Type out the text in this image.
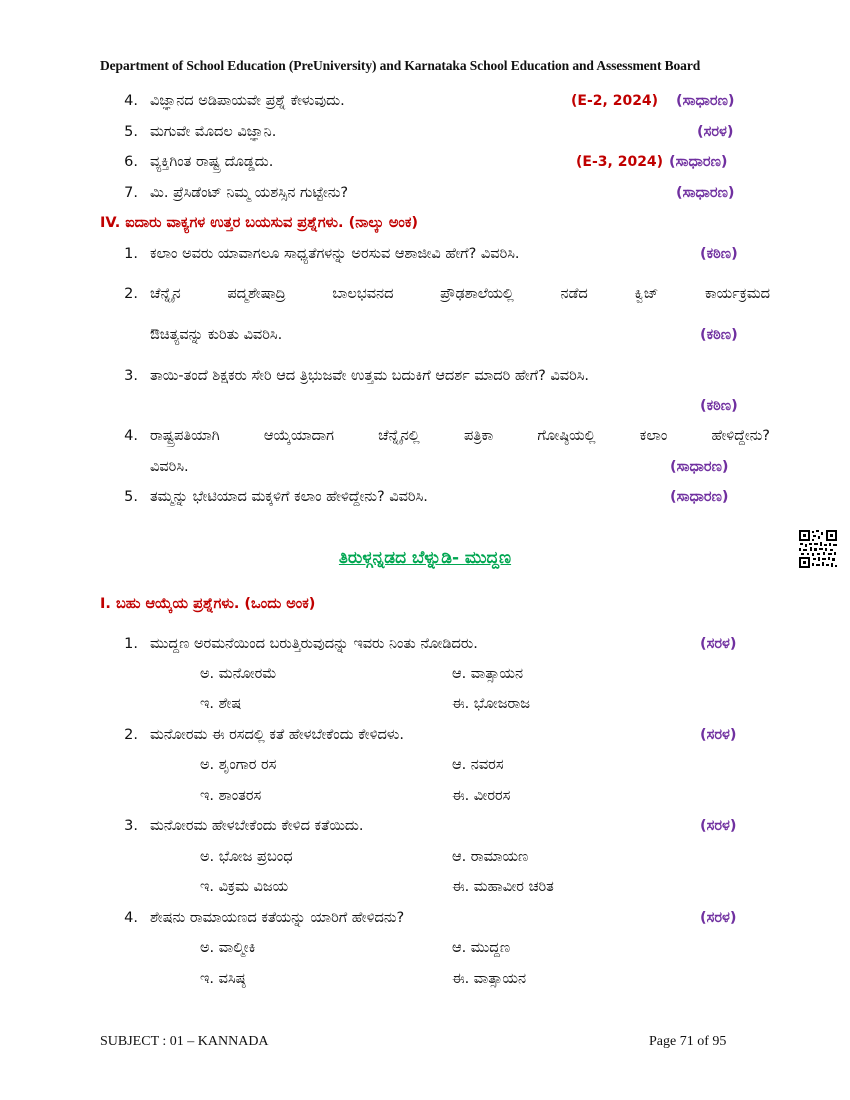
Department of School Education (PreUniversity) and Karnataka School Education and Assessment Board
4. ವಿಜ್ಞಾನದ ಅಡಿಪಾಯವೇ ಪ್ರಶ್ನೆ ಕೇಳುವುದು.	(E-2, 2024) (ಸಾಧಾರಣ)
5. ಮಗುವೇ ಮೊದಲ ವಿಜ್ಞಾನಿ.	(ಸರಳ)
6. ವ್ಯಕ್ತಿಗಿಂತ ರಾಷ್ಟ್ರ ದೊಡ್ಡದು.	(E-3, 2024) (ಸಾಧಾರಣ)
7. ಮಿ. ಪ್ರೆಸಿಡೆಂಟ್ ನಿಮ್ಮ ಯಶಸ್ಸಿನ ಗುಟ್ಟೇನು?	(ಸಾಧಾರಣ)
IV. ಐದಾರು ವಾಕ್ಯಗಳ ಉತ್ತರ ಬಯಸುವ ಪ್ರಶ್ನೆಗಳು. (ನಾಲ್ಕು ಅಂಕ)
1. ಕಲಾಂ ಅವರು ಯಾವಾಗಲೂ ಸಾಧ್ಯತೆಗಳನ್ನು ಅರಸುವ ಆಶಾಜೀವಿ ಹೇಗೆ? ವಿವರಿಸಿ.	(ಕಠಿಣ)
2. ಚೆನ್ನೈನ ಪದ್ಮಶೇಷಾದ್ರಿ ಬಾಲಭವನದ ಪ್ರೌಢಶಾಲೆಯಲ್ಲಿ ನಡೆದ ಕ್ವಿಜ್ ಕಾರ್ಯಕ್ರಮದ
ಔಚಿತ್ಯವನ್ನು ಕುರಿತು ವಿವರಿಸಿ.	(ಕಠಿಣ)
3. ತಾಯಿ-ತಂದೆ ಶಿಕ್ಷಕರು ಸೇರಿ ಆದ ತ್ರಿಭುಜವೇ ಉತ್ತಮ ಬದುಕಿಗೆ ಆದರ್ಶ ಮಾದರಿ ಹೇಗೆ? ವಿವರಿಸಿ.
(ಕಠಿಣ)
4. ರಾಷ್ಟ್ರಪತಿಯಾಗಿ ಆಯ್ಕೆಯಾದಾಗ ಚೆನ್ನೈನಲ್ಲಿ ಪತ್ರಿಕಾ ಗೋಷ್ಠಿಯಲ್ಲಿ ಕಲಾಂ ಹೇಳಿದ್ದೇನು?
ವಿವರಿಸಿ.	(ಸಾಧಾರಣ)
5. ತಮ್ಮನ್ನು ಭೇಟಿಯಾದ ಮಕ್ಕಳಿಗೆ ಕಲಾಂ ಹೇಳಿದ್ದೇನು? ವಿವರಿಸಿ.	(ಸಾಧಾರಣ)
ತಿರುಳ್ಗನ್ನಡದ ಬೆಳ್ನುಡಿ- ಮುದ್ದಣ
I. ಬಹು ಆಯ್ಕೆಯ ಪ್ರಶ್ನೆಗಳು. (ಒಂದು ಅಂಕ)
1. ಮುದ್ದಣ ಅರಮನೆಯಿಂದ ಬರುತ್ತಿರುವುದನ್ನು ಇವರು ನಿಂತು ನೋಡಿದರು.	(ಸರಳ)
ಅ. ಮನೋರಮೆ	ಆ. ವಾತ್ಸಾಯನ
ಇ. ಶೇಷ	ಈ. ಭೋಜರಾಜ
2. ಮನೋರಮ ಈ ರಸದಲ್ಲಿ ಕತೆ ಹೇಳಬೇಕೆಂದು ಕೇಳಿದಳು.	(ಸರಳ)
ಅ. ಶೃಂಗಾರ ರಸ	ಆ. ನವರಸ
ಇ. ಶಾಂತರಸ	ಈ. ವೀರರಸ
3. ಮನೋರಮ ಹೇಳಬೇಕೆಂದು ಕೇಳಿದ ಕತೆಯಿದು.	(ಸರಳ)
ಅ. ಭೋಜ ಪ್ರಬಂಧ	ಆ. ರಾಮಾಯಣ
ಇ. ವಿಕ್ರಮ ವಿಜಯ	ಈ. ಮಹಾವೀರ ಚರಿತ
4. ಶೇಷನು ರಾಮಾಯಣದ ಕತೆಯನ್ನು ಯಾರಿಗೆ ಹೇಳಿದನು?	(ಸರಳ)
ಅ. ವಾಲ್ಮೀಕಿ	ಆ. ಮುದ್ದಣ
ಇ. ವಸಿಷ್ಠ	ಈ. ವಾತ್ಸಾಯನ
SUBJECT : 01 – KANNADA	Page 71 of 95
